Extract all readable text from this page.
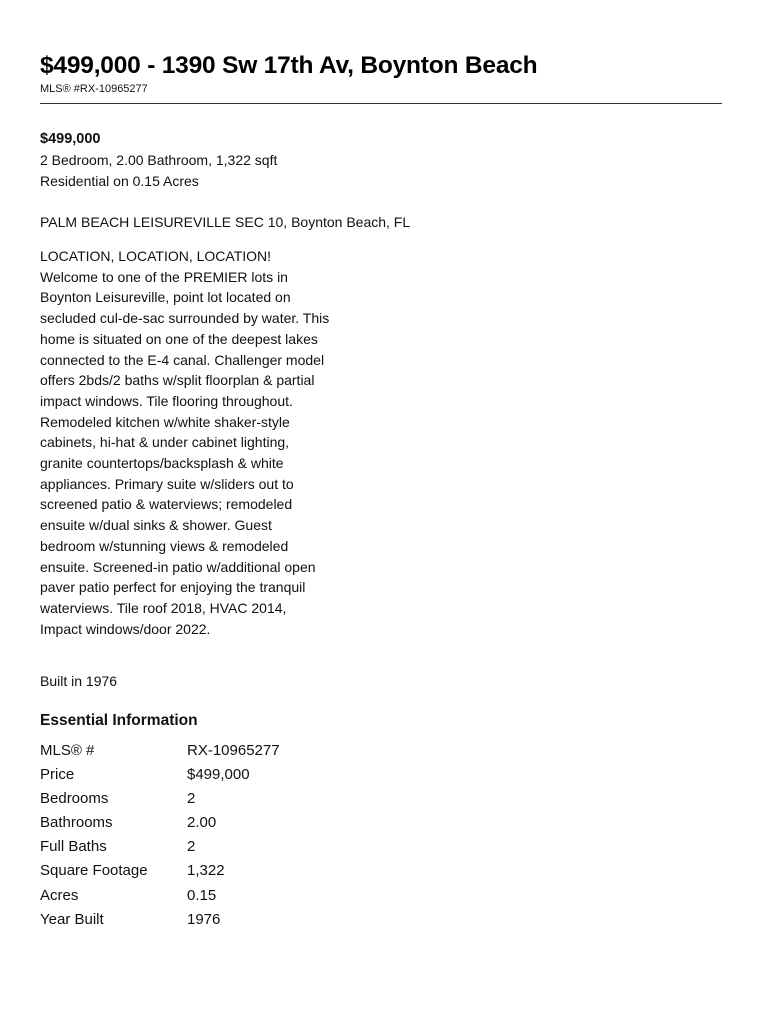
$499,000 - 1390 Sw 17th Av, Boynton Beach
MLS® #RX-10965277
$499,000
2 Bedroom, 2.00 Bathroom, 1,322 sqft
Residential on 0.15 Acres
PALM BEACH LEISUREVILLE SEC 10, Boynton Beach, FL
LOCATION, LOCATION, LOCATION!
Welcome to one of the PREMIER lots in
Boynton Leisureville, point lot located on
secluded cul-de-sac surrounded by water. This
home is situated on one of the deepest lakes
connected to the E-4 canal. Challenger model
offers 2bds/2 baths w/split floorplan & partial
impact windows. Tile flooring throughout.
Remodeled kitchen w/white shaker-style
cabinets, hi-hat & under cabinet lighting,
granite countertops/backsplash & white
appliances. Primary suite w/sliders out to
screened patio & waterviews; remodeled
ensuite w/dual sinks & shower. Guest
bedroom w/stunning views & remodeled
ensuite. Screened-in patio w/additional open
paver patio perfect for enjoying the tranquil
waterviews. Tile roof 2018, HVAC 2014,
Impact windows/door 2022.
Built in 1976
Essential Information
MLS® #	RX-10965277
Price	$499,000
Bedrooms	2
Bathrooms	2.00
Full Baths	2
Square Footage	1,322
Acres	0.15
Year Built	1976
